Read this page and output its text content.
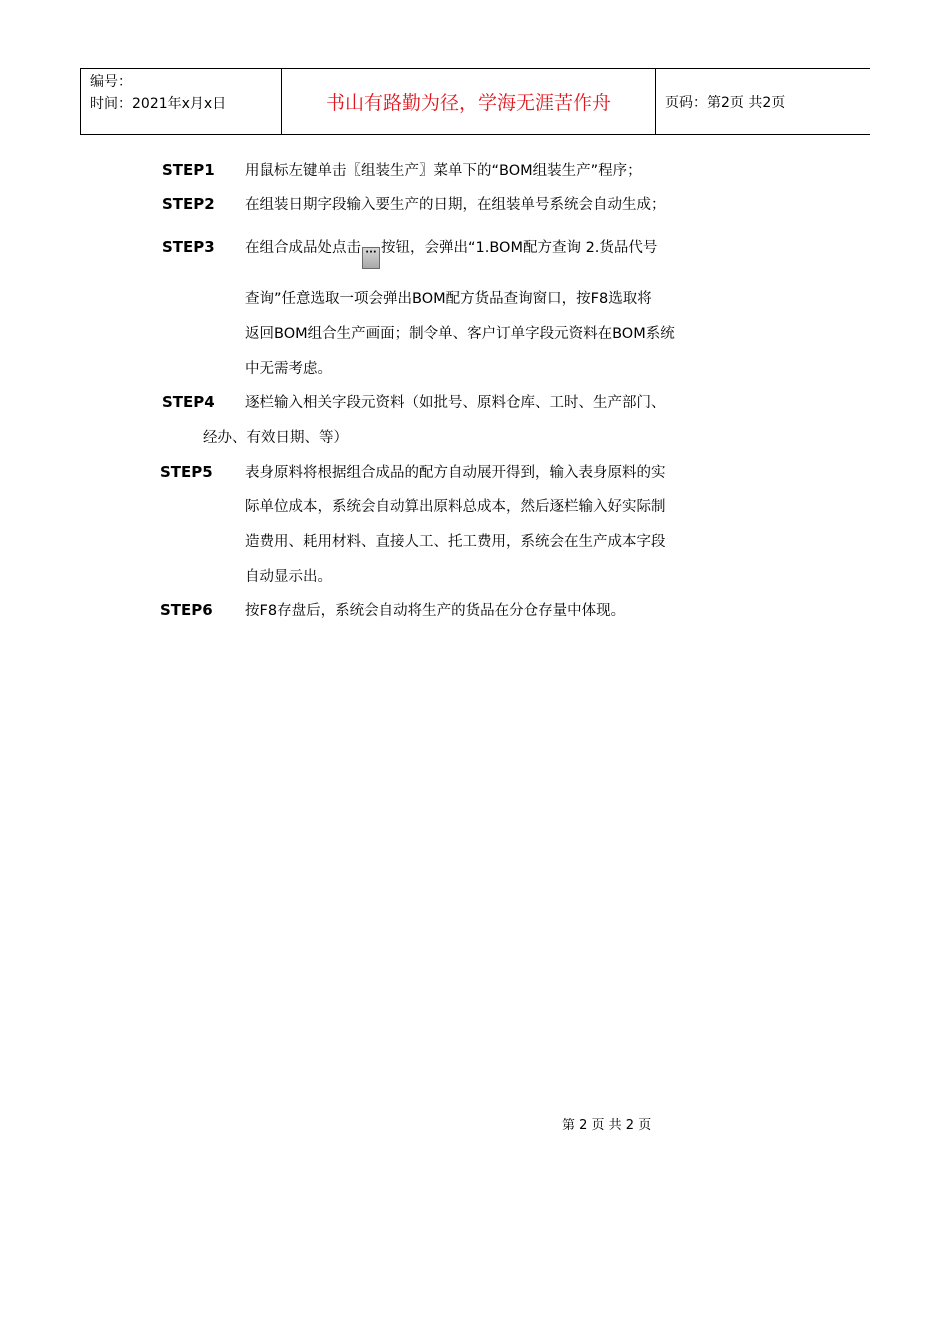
编号：
时间：2021年x月x日	书山有路勤为径，学海无涯苦作舟	页码：第2页 共2页
STEP1 用鼠标左键单击〖组装生产〗菜单下的“BOM组装生产”程序；
STEP2 在组装日期字段输入要生产的日期，在组装单号系统会自动生成；
STEP3 在组合成品处点击 ··· 按钮，会弹出“1.BOM配方查询 2.货品代号
查询”任意选取一项会弹出BOM配方货品查询窗口，按F8选取将
返回BOM组合生产画面；制令单、客户订单字段元资料在BOM系统
中无需考虑。
STEP4 逐栏输入相关字段元资料（如批号、原料仓库、工时、生产部门、
经办、有效日期、等）
STEP5 表身原料将根据组合成品的配方自动展开得到，输入表身原料的实
际单位成本，系统会自动算出原料总成本，然后逐栏输入好实际制
造费用、耗用材料、直接人工、托工费用，系统会在生产成本字段
自动显示出。
STEP6 按F8存盘后，系统会自动将生产的货品在分仓存量中体现。
第 2 页 共 2 页
